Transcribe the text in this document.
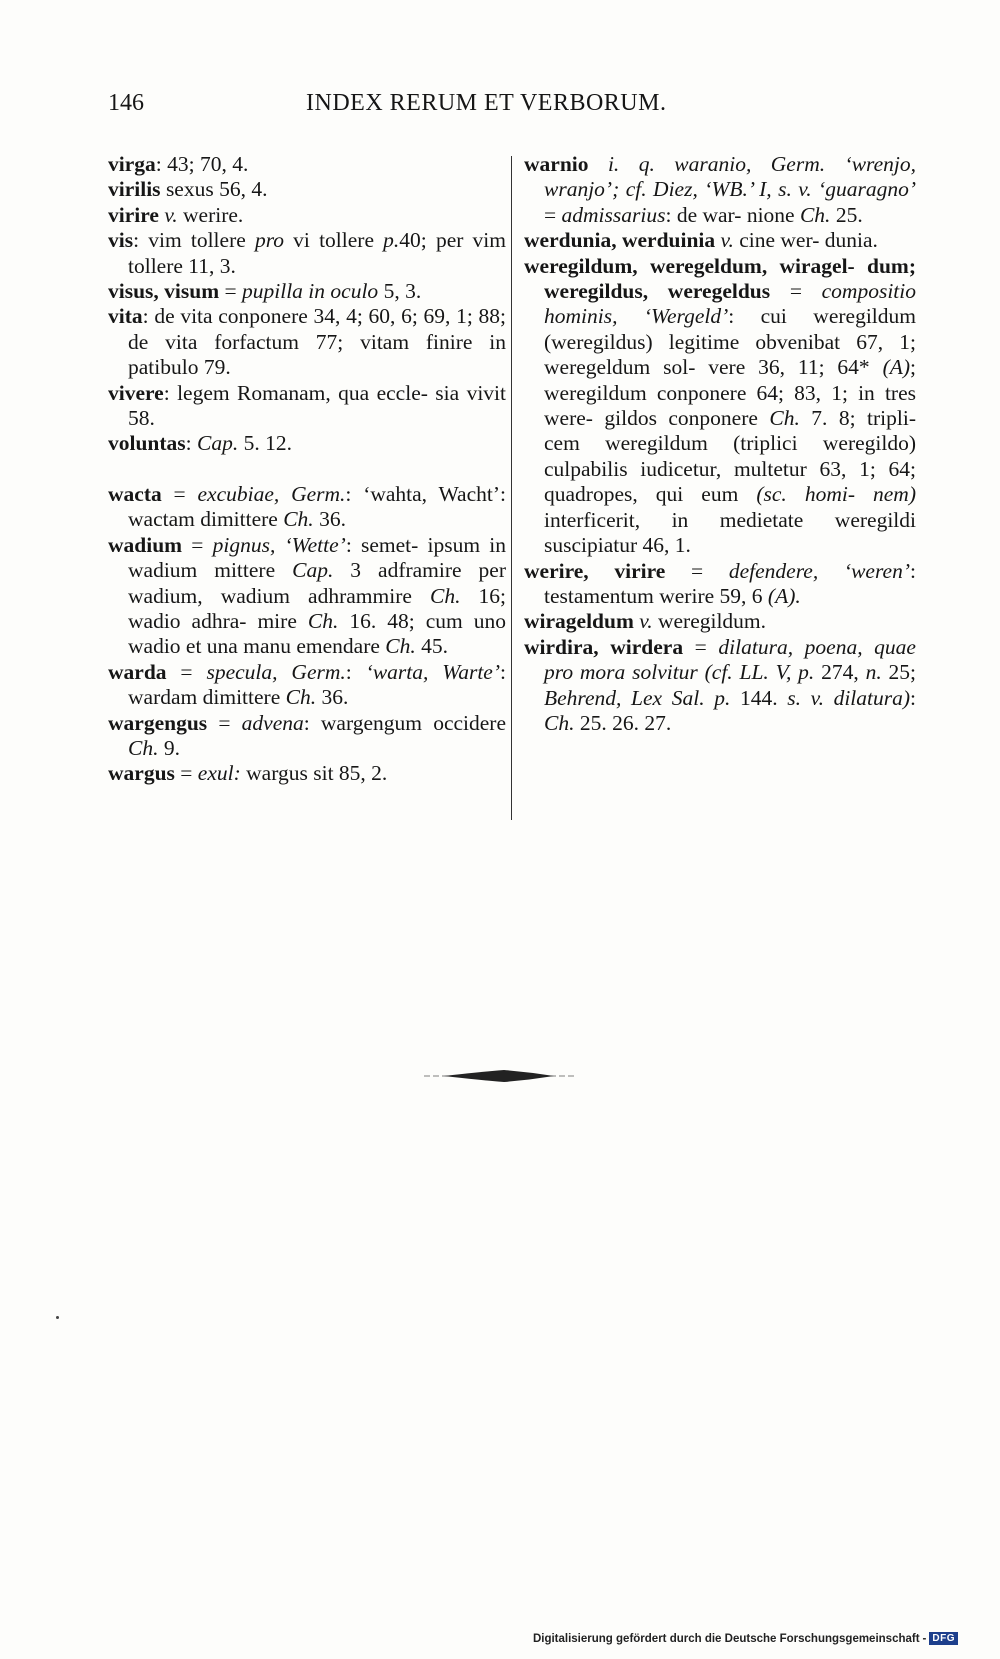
146	INDEX RERUM ET VERBORUM.
virga: 43; 70, 4.
virilis sexus 56, 4.
virire v. werire.
vis: vim tollere pro vi tollere p.40; per vim tollere 11, 3.
visus, visum = pupilla in oculo 5, 3.
vita: de vita conponere 34, 4; 60, 6; 69, 1; 88; de vita forfactum 77; vitam finire in patibulo 79.
vivere: legem Romanam, qua eccle- sia vivit 58.
voluntas: Cap. 5. 12.
wacta = excubiae, Germ.: ‘wahta, Wacht’: wactam dimittere Ch. 36.
wadium = pignus, ‘Wette’: semet- ipsum in wadium mittere Cap. 3 adframire per wadium, wadium adhrammire Ch. 16; wadio adhra- mire Ch. 16. 48; cum uno wadio et una manu emendare Ch. 45.
warda = specula, Germ.: ‘warta, Warte’: wardam dimittere Ch. 36.
wargengus = advena: wargengum occidere Ch. 9.
wargus = exul: wargus sit 85, 2.
warnio i. q. waranio, Germ. ‘wrenjo, wranjo’; cf. Diez, ‘WB.’ I, s. v. ‘guaragno’ = admissarius: de war- nione Ch. 25.
werdunia, werduinia v. cine wer- dunia.
weregildum, weregeldum, wiragel- dum; weregildus, weregeldus = compositio hominis, ‘Wergeld’: cui weregildum (weregildus) legitime obvenibat 67, 1; weregeldum sol- vere 36, 11; 64* (A); weregildum conponere 64; 83, 1; in tres were- gildos conponere Ch. 7. 8; tripli- cem weregildum (triplici weregildo) culpabilis iudicetur, multetur 63, 1; 64; quadropes, qui eum (sc. homi- nem) interficerit, in medietate weregildi suscipiatur 46, 1.
werire, virire = defendere, ‘weren’: testamentum werire 59, 6 (A).
wirageldum v. weregildum.
wirdira, wirdera = dilatura, poena, quae pro mora solvitur (cf. LL. V, p. 274, n. 25; Behrend, Lex Sal. p. 144. s. v. dilatura): Ch. 25. 26. 27.
Digitalisierung gefördert durch die Deutsche Forschungsgemeinschaft - DFG
